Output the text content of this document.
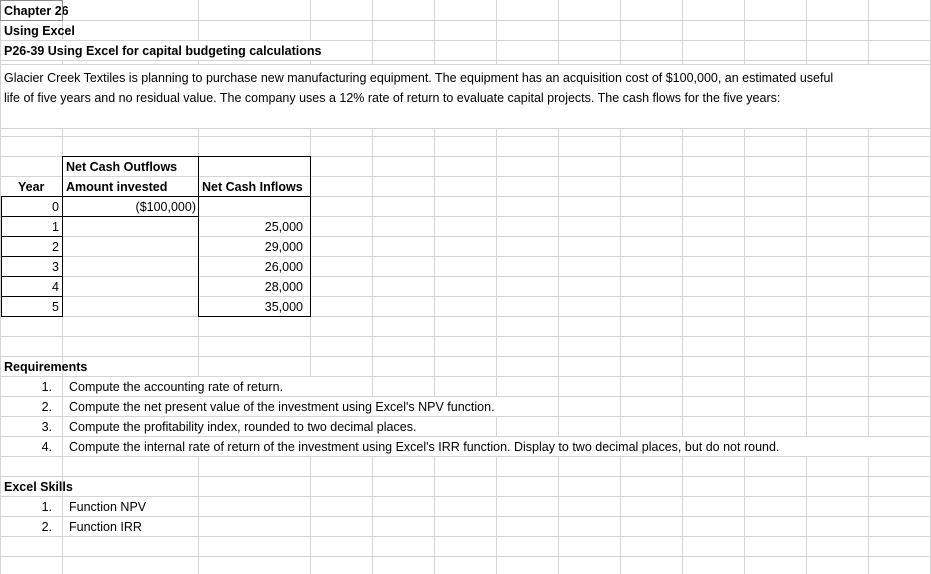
Chapter 26
Using Excel
P26-39 Using Excel for capital budgeting calculations
Glacier Creek Textiles is planning to purchase new manufacturing equipment. The equipment has an acquisition cost of $100,000, an estimated useful life of five years and no residual value. The company uses a 12% rate of return to evaluate capital projects. The cash flows for the five years:
Net Cash Outflows
Year Amount invested	Net Cash Inflows
0
1
2
3
4
5
($100,000)
25,000
29,000
26,000
28,000
35,000
Requirements
1. Compute the accounting rate of return.
2. Compute the net present value of the investment using Excel's NPV function.
3. Compute the profitability index, rounded to two decimal places.
4. Compute the internal rate of return of the investment using Excel's IRR function. Display to two decimal places, but do not round.
Excel Skills
1. Function NPV
2. Function IRR
